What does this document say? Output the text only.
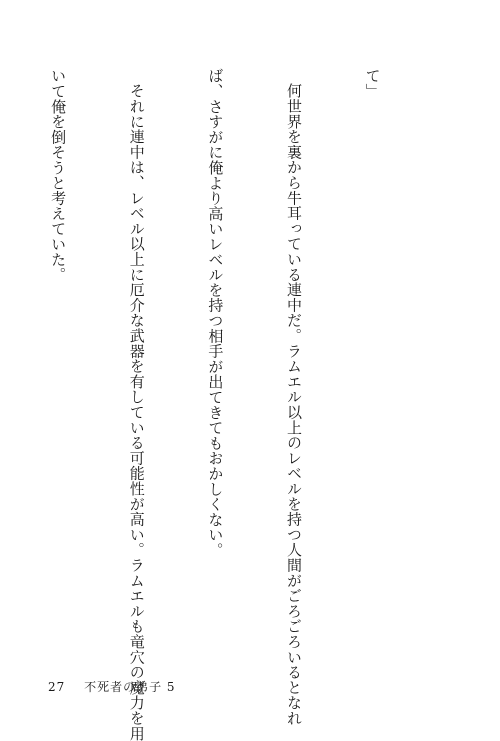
て」

何世界を裏から牛耳っている連中だ。ラムエル以上のレベルを持つ人間がごろごろいるとなれ

ば、さすがに俺より高いレベルを持つ相手が出てきてもおかしくない。

それに連中は、レベル以上に厄介な武器を有している可能性が高い。ラムエルも竜穴の魔力を用

いて俺を倒そうと考えていた。

27 不死者の弟子 5
